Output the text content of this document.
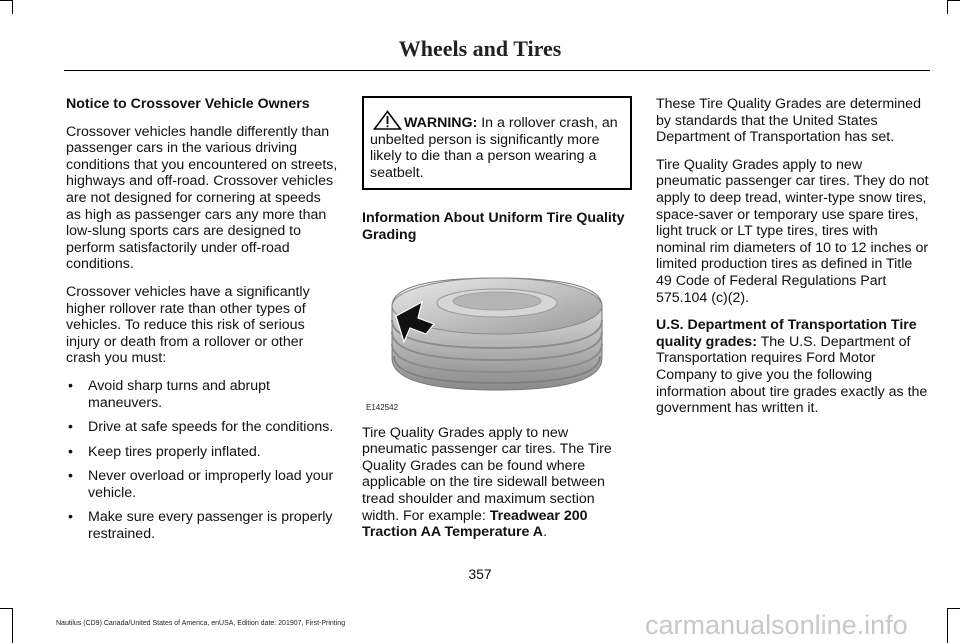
Wheels and Tires

Notice to Crossover Vehicle Owners

Crossover vehicles handle differently than passenger cars in the various driving conditions that you encountered on streets, highways and off-road. Crossover vehicles are not designed for cornering at speeds as high as passenger cars any more than low-slung sports cars are designed to perform satisfactorily under off-road conditions.

Crossover vehicles have a significantly higher rollover rate than other types of vehicles. To reduce this risk of serious injury or death from a rollover or other crash you must:

• Avoid sharp turns and abrupt maneuvers.
• Drive at safe speeds for the conditions.
• Keep tires properly inflated.
• Never overload or improperly load your vehicle.
• Make sure every passenger is properly restrained.
WARNING: In a rollover crash, an unbelted person is significantly more likely to die than a person wearing a seatbelt.

Information About Uniform Tire Quality Grading

E142542

Tire Quality Grades apply to new pneumatic passenger car tires. The Tire Quality Grades can be found where applicable on the tire sidewall between tread shoulder and maximum section width. For example: Treadwear 200 Traction AA Temperature A.

These Tire Quality Grades are determined by standards that the United States Department of Transportation has set.

Tire Quality Grades apply to new pneumatic passenger car tires. They do not apply to deep tread, winter-type snow tires, space-saver or temporary use spare tires, light truck or LT type tires, tires with nominal rim diameters of 10 to 12 inches or limited production tires as defined in Title 49 Code of Federal Regulations Part 575.104 (c)(2).

U.S. Department of Transportation Tire quality grades: The U.S. Department of Transportation requires Ford Motor Company to give you the following information about tire grades exactly as the government has written it.

357
Nautilus (CD9) Canada/United States of America, enUSA, Edition date: 201907, First-Printing	carmanualsonline.info
